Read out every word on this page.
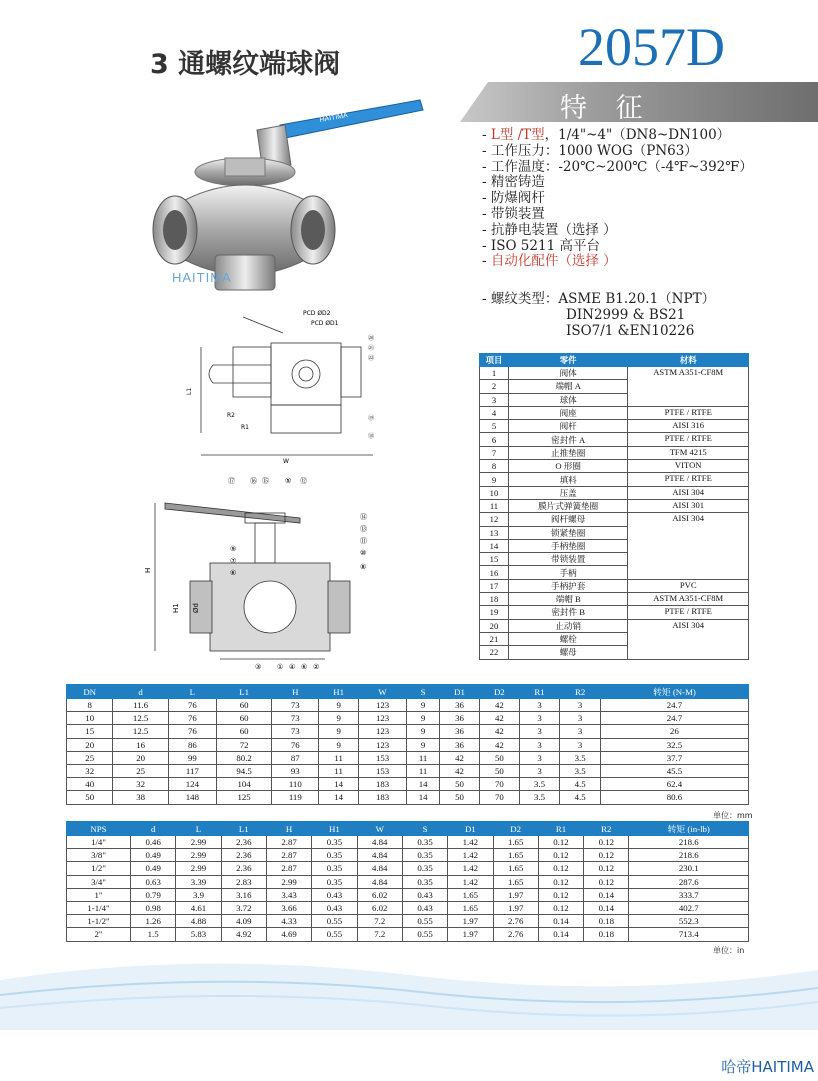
3 通螺纹端球阀	2057D
特 征
- L型 /T型，1/4"~4"（DN8~DN100）
- 工作压力：1000 WOG（PN63）
- 工作温度：-20℃~200℃（-4℉~392℉）
- 精密铸造
- 防爆阀杆
- 带锁装置
- 抗静电装置（选择 ）
- ISO 5211 高平台
- 自动化配件（选择 ）
- 螺纹类型：ASME B1.20.1（NPT）
DIN2999 & BS21
ISO7/1 &EN10226
HAITIMA
HAITIMA
PCD ØD2
PCD ØD1
L1
R2
R1
W
⑳
㉑
㉒
⑲
⑱
H
H1 Ød
⑰ ⑯ ⑮ ⑤ ⑫
⑭
⑬
⑪
⑩
⑧
⑨
⑦
⑥
③ ① ④ ⑥ ②
项目	零件	材料
1	阀体	ASTM A351-CF8M
2	端帽 A	
3	球体	
4	阀座	PTFE / RTFE
5	阀杆	AISI 316
6	密封件 A	PTFE / RTFE
7	止推垫圈	TFM 4215
8	O 形圈	VITON
9	填料	PTFE / RTFE
10	压盖	AISI 304
11	膜片式弹簧垫圈	AISI 301
12	阀杆螺母	AISI 304
13	锁紧垫圈	
14	手柄垫圈	
15	带锁装置	
16	手柄	
17	手柄护套	PVC
18	端帽 B	ASTM A351-CF8M
19	密封件 B	PTFE / RTFE
20	止动销	AISI 304
21	螺栓	
22	螺母	
DN	d	L	L1	H	H1	W	S	D1	D2	R1	R2	转矩 (N-M)
8	11.6	76	60	73	9	123	9	36	42	3	3	24.7
10	12.5	76	60	73	9	123	9	36	42	3	3	24.7
15	12.5	76	60	73	9	123	9	36	42	3	3	26
20	16	86	72	76	9	123	9	36	42	3	3	32.5
25	20	99	80.2	87	11	153	11	42	50	3	3.5	37.7
32	25	117	94.5	93	11	153	11	42	50	3	3.5	45.5
40	32	124	104	110	14	183	14	50	70	3.5	4.5	62.4
50	38	148	125	119	14	183	14	50	70	3.5	4.5	80.6
单位：mm
NPS	d	L	L1	H	H1	W	S	D1	D2	R1	R2	转矩 (in-lb)
1/4"	0.46	2.99	2.36	2.87	0.35	4.84	0.35	1.42	1.65	0.12	0.12	218.6
3/8"	0.49	2.99	2.36	2.87	0.35	4.84	0.35	1.42	1.65	0.12	0.12	218.6
1/2"	0.49	2.99	2.36	2.87	0.35	4.84	0.35	1.42	1.65	0.12	0.12	230.1
3/4"	0.63	3.39	2.83	2.99	0.35	4.84	0.35	1.42	1.65	0.12	0.12	287.6
1"	0.79	3.9	3.16	3.43	0.43	6.02	0.43	1.65	1.97	0.12	0.14	333.7
1-1/4"	0.98	4.61	3.72	3.66	0.43	6.02	0.43	1.65	1.97	0.12	0.14	402.7
1-1/2"	1.26	4.88	4.09	4.33	0.55	7.2	0.55	1.97	2.76	0.14	0.18	552.3
2"	1.5	5.83	4.92	4.69	0.55	7.2	0.55	1.97	2.76	0.14	0.18	713.4
单位：in
哈帝HAITIMA
